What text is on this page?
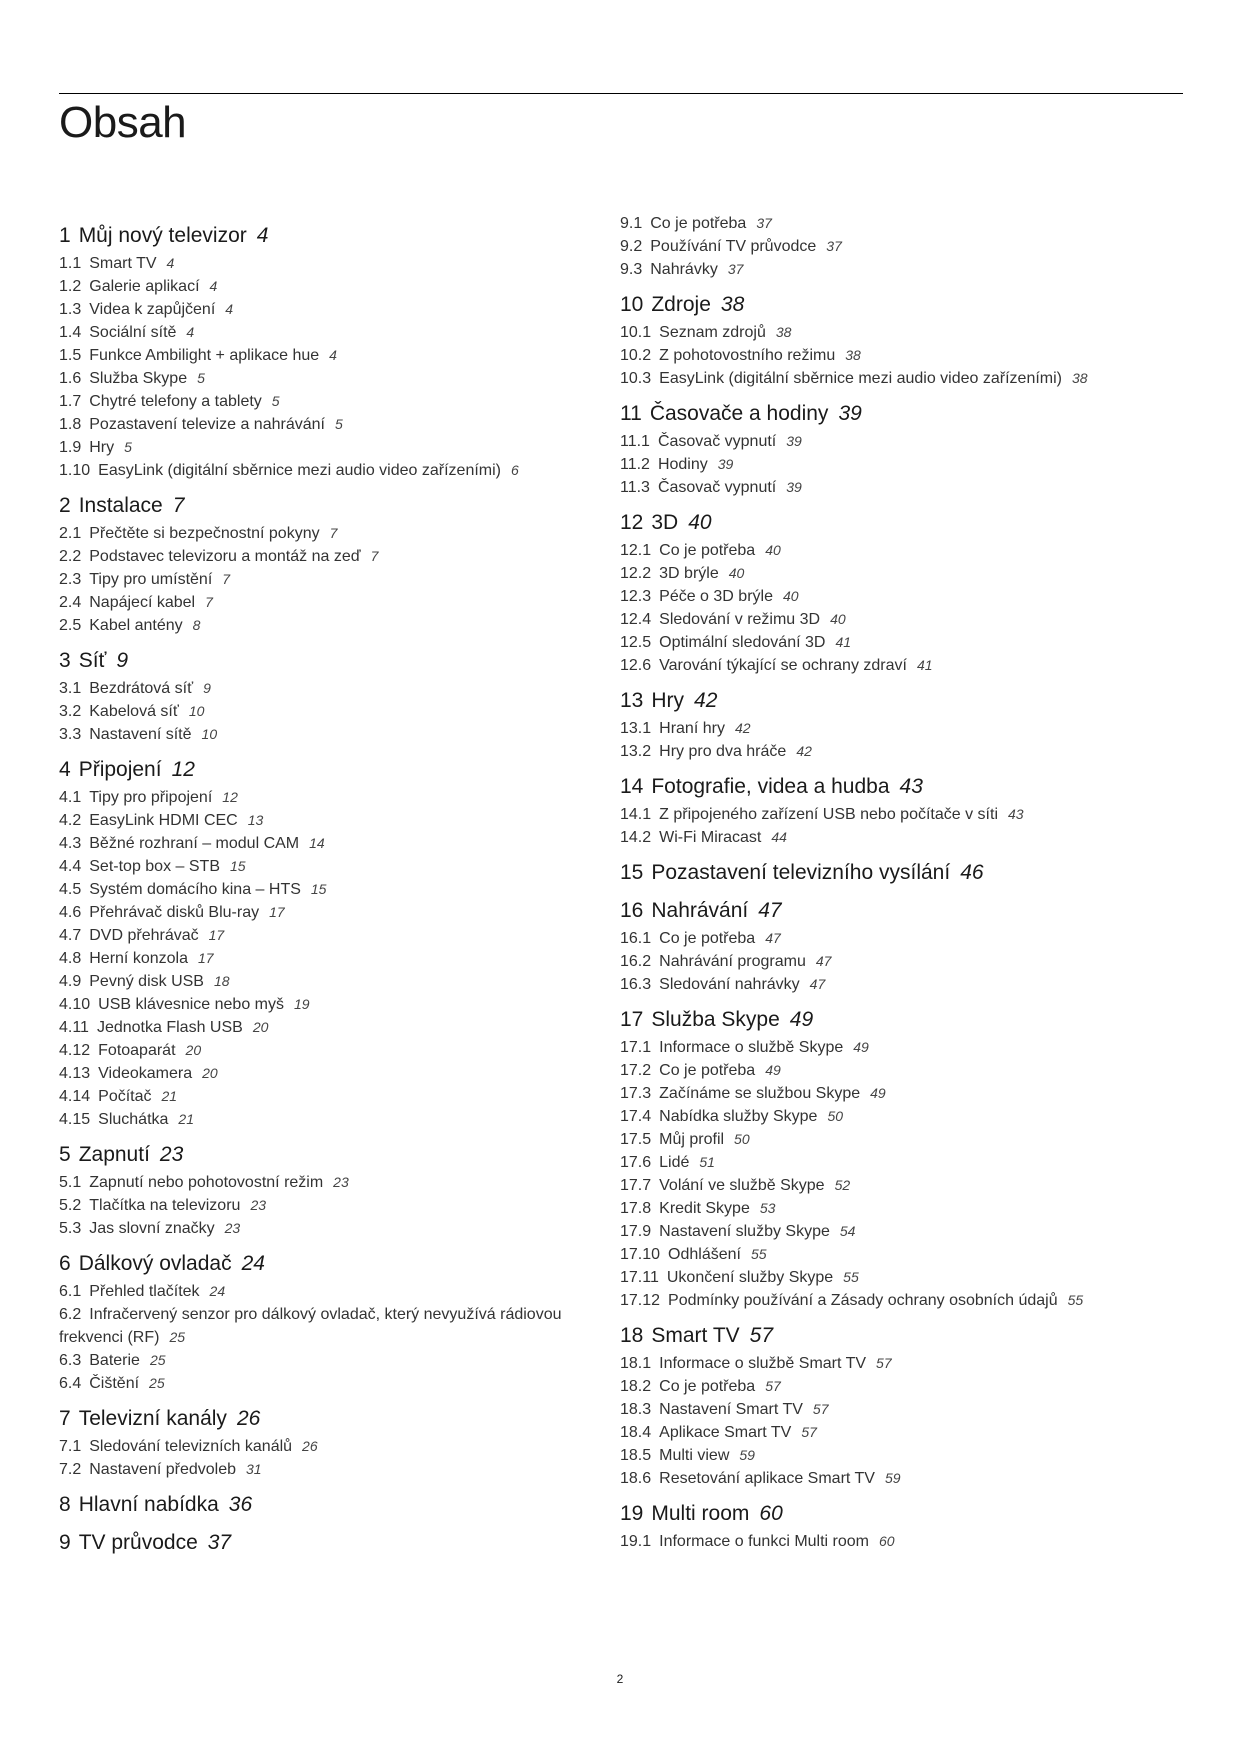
Obsah
1 Můj nový televizor 4
1.1 Smart TV 4
1.2 Galerie aplikací 4
1.3 Videa k zapůjčení 4
1.4 Sociální sítě 4
1.5 Funkce Ambilight + aplikace hue 4
1.6 Služba Skype 5
1.7 Chytré telefony a tablety 5
1.8 Pozastavení televize a nahrávání 5
1.9 Hry 5
1.10 EasyLink (digitální sběrnice mezi audio video zařízeními) 6
2 Instalace 7
2.1 Přečtěte si bezpečnostní pokyny 7
2.2 Podstavec televizoru a montáž na zeď 7
2.3 Tipy pro umístění 7
2.4 Napájecí kabel 7
2.5 Kabel antény 8
3 Síť 9
3.1 Bezdrátová síť 9
3.2 Kabelová síť 10
3.3 Nastavení sítě 10
4 Připojení 12
4.1 Tipy pro připojení 12
4.2 EasyLink HDMI CEC 13
4.3 Běžné rozhraní – modul CAM 14
4.4 Set-top box – STB 15
4.5 Systém domácího kina – HTS 15
4.6 Přehrávač disků Blu-ray 17
4.7 DVD přehrávač 17
4.8 Herní konzola 17
4.9 Pevný disk USB 18
4.10 USB klávesnice nebo myš 19
4.11 Jednotka Flash USB 20
4.12 Fotoaparát 20
4.13 Videokamera 20
4.14 Počítač 21
4.15 Sluchátka 21
5 Zapnutí 23
5.1 Zapnutí nebo pohotovostní režim 23
5.2 Tlačítka na televizoru 23
5.3 Jas slovní značky 23
6 Dálkový ovladač 24
6.1 Přehled tlačítek 24
6.2 Infračervený senzor pro dálkový ovladač, který nevyužívá rádiovou frekvenci (RF) 25
6.3 Baterie 25
6.4 Čištění 25
7 Televizní kanály 26
7.1 Sledování televizních kanálů 26
7.2 Nastavení předvoleb 31
8 Hlavní nabídka 36
9 TV průvodce 37
9.1 Co je potřeba 37
9.2 Používání TV průvodce 37
9.3 Nahrávky 37
10 Zdroje 38
10.1 Seznam zdrojů 38
10.2 Z pohotovostního režimu 38
10.3 EasyLink (digitální sběrnice mezi audio video zařízeními) 38
11 Časovače a hodiny 39
11.1 Časovač vypnutí 39
11.2 Hodiny 39
11.3 Časovač vypnutí 39
12 3D 40
12.1 Co je potřeba 40
12.2 3D brýle 40
12.3 Péče o 3D brýle 40
12.4 Sledování v režimu 3D 40
12.5 Optimální sledování 3D 41
12.6 Varování týkající se ochrany zdraví 41
13 Hry 42
13.1 Hraní hry 42
13.2 Hry pro dva hráče 42
14 Fotografie, videa a hudba 43
14.1 Z připojeného zařízení USB nebo počítače v síti 43
14.2 Wi-Fi Miracast 44
15 Pozastavení televizního vysílání 46
16 Nahrávání 47
16.1 Co je potřeba 47
16.2 Nahrávání programu 47
16.3 Sledování nahrávky 47
17 Služba Skype 49
17.1 Informace o službě Skype 49
17.2 Co je potřeba 49
17.3 Začínáme se službou Skype 49
17.4 Nabídka služby Skype 50
17.5 Můj profil 50
17.6 Lidé 51
17.7 Volání ve službě Skype 52
17.8 Kredit Skype 53
17.9 Nastavení služby Skype 54
17.10 Odhlášení 55
17.11 Ukončení služby Skype 55
17.12 Podmínky používání a Zásady ochrany osobních údajů 55
18 Smart TV 57
18.1 Informace o službě Smart TV 57
18.2 Co je potřeba 57
18.3 Nastavení Smart TV 57
18.4 Aplikace Smart TV 57
18.5 Multi view 59
18.6 Resetování aplikace Smart TV 59
19 Multi room 60
19.1 Informace o funkci Multi room 60
2
